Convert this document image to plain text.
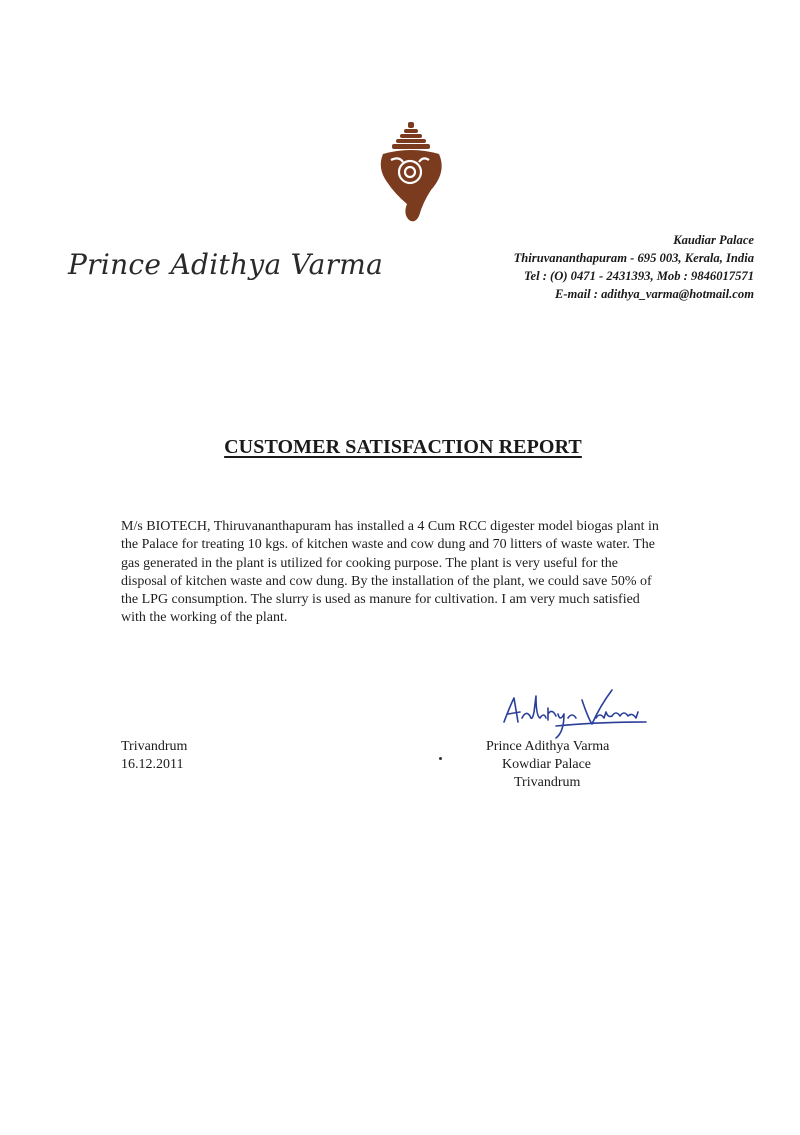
Prince Adithya Varma
Kaudiar Palace
Thiruvananthapuram - 695 003, Kerala, India
Tel : (O) 0471 - 2431393, Mob : 9846017571
E-mail : adithya_varma@hotmail.com
CUSTOMER SATISFACTION REPORT
M/s BIOTECH, Thiruvananthapuram has installed a 4 Cum RCC digester model biogas plant in the Palace for treating 10 kgs. of kitchen waste and cow dung and 70 litters of waste water. The gas generated in the plant is utilized for cooking purpose. The plant is very useful for the disposal of kitchen waste and cow dung. By the installation of the plant, we could save 50% of the LPG consumption. The slurry is used as manure for cultivation. I am very much satisfied with the working of the plant.
Trivandrum
16.12.2011
Prince Adithya Varma
Kowdiar Palace
Trivandrum
